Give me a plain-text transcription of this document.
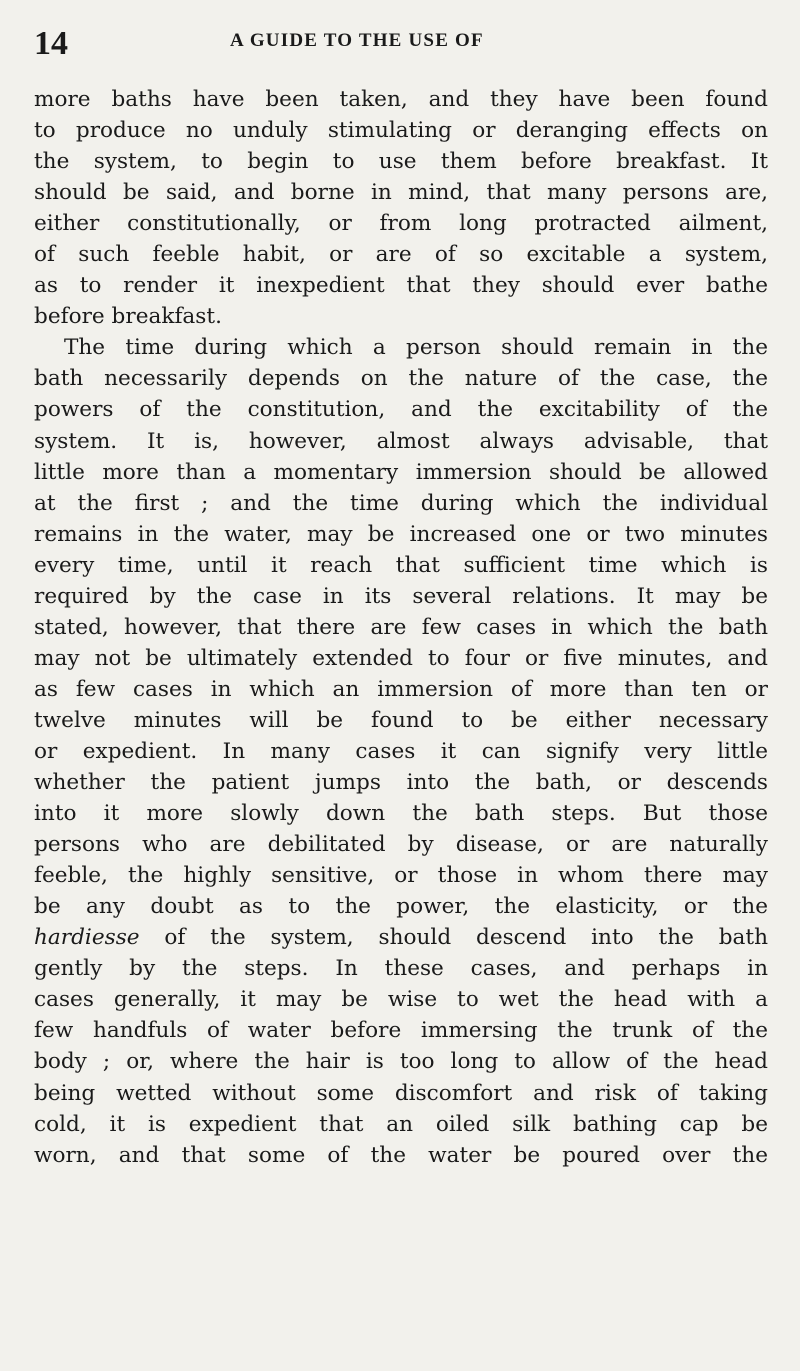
14	A GUIDE TO THE USE OF
more baths have been taken, and they have been found
to produce no unduly stimulating or deranging effects on
the system, to begin to use them before breakfast. It
should be said, and borne in mind, that many persons are,
either constitutionally, or from long protracted ailment,
of such feeble habit, or are of so excitable a system,
as to render it inexpedient that they should ever bathe
before breakfast.
The time during which a person should remain in the
bath necessarily depends on the nature of the case, the
powers of the constitution, and the excitability of the
system. It is, however, almost always advisable, that
little more than a momentary immersion should be allowed
at the first ; and the time during which the individual
remains in the water, may be increased one or two minutes
every time, until it reach that sufficient time which is
required by the case in its several relations. It may be
stated, however, that there are few cases in which the bath
may not be ultimately extended to four or five minutes, and
as few cases in which an immersion of more than ten or
twelve minutes will be found to be either necessary
or expedient. In many cases it can signify very little
whether the patient jumps into the bath, or descends
into it more slowly down the bath steps. But those
persons who are debilitated by disease, or are naturally
feeble, the highly sensitive, or those in whom there may
be any doubt as to the power, the elasticity, or the
hardiesse of the system, should descend into the bath
gently by the steps. In these cases, and perhaps in
cases generally, it may be wise to wet the head with a
few handfuls of water before immersing the trunk of the
body ; or, where the hair is too long to allow of the head
being wetted without some discomfort and risk of taking
cold, it is expedient that an oiled silk bathing cap be
worn, and that some of the water be poured over the
